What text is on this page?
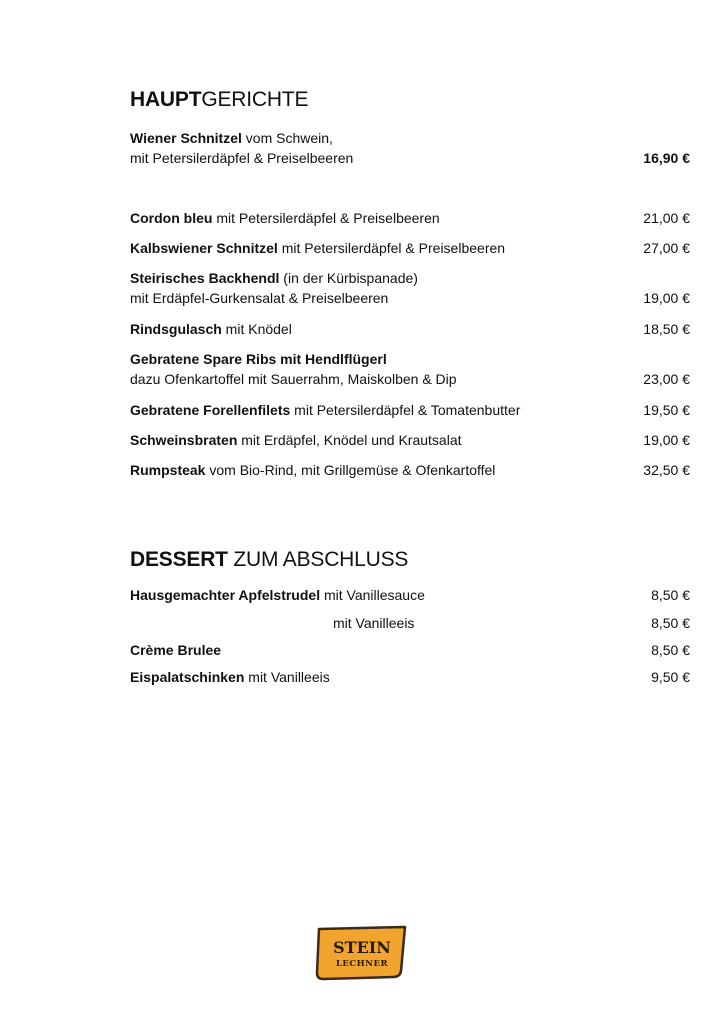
HAUPTGERICHTE
Wiener Schnitzel vom Schwein,
mit Petersilerdäpfel & Preiselbeeren	16,90 €
Cordon bleu mit Petersilerdäpfel & Preiselbeeren	21,00 €
Kalbswiener Schnitzel mit Petersilerdäpfel & Preiselbeeren	27,00 €
Steirisches Backhendl (in der Kürbispanade)
mit Erdäpfel-Gurkensalat & Preiselbeeren	19,00 €
Rindsgulasch mit Knödel	18,50 €
Gebratene Spare Ribs mit Hendlflügerl
dazu Ofenkartoffel mit Sauerrahm, Maiskolben & Dip	23,00 €
Gebratene Forellenfilets mit Petersilerdäpfel & Tomatenbutter	19,50 €
Schweinsbraten mit Erdäpfel, Knödel und Krautsalat	19,00 €
Rumpsteak vom Bio-Rind, mit Grillgemüse & Ofenkartoffel	32,50 €
DESSERT ZUM ABSCHLUSS
Hausgemachter Apfelstrudel mit Vanillesauce	8,50 €
mit Vanilleeis	8,50 €
Crème Brulee	8,50 €
Eispalatschinken mit Vanilleeis	9,50 €
STEIN
LECHNER
